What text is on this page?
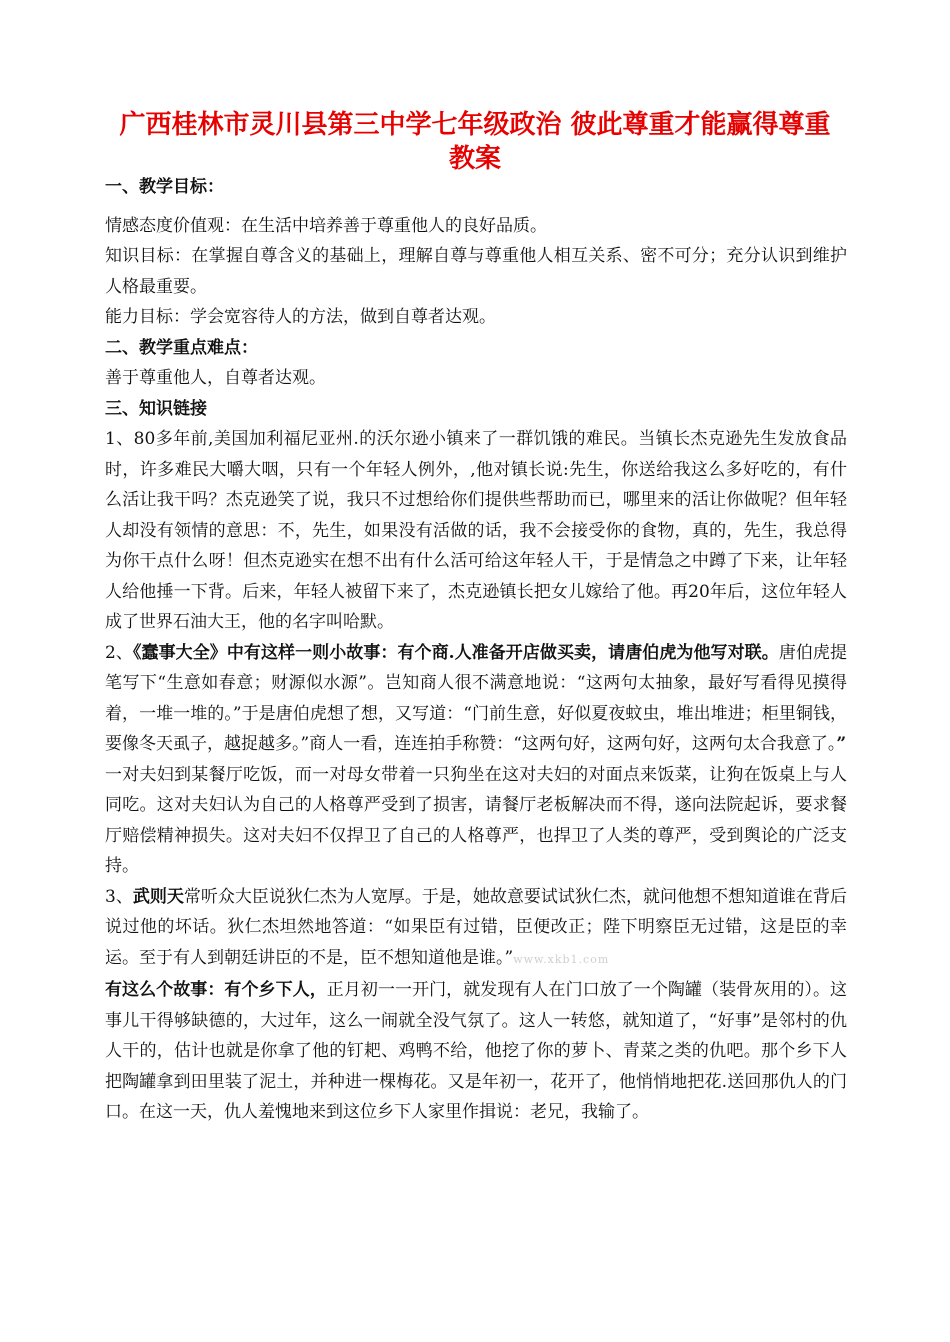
广西桂林市灵川县第三中学七年级政治 彼此尊重才能赢得尊重
教案

一、教学目标：

情感态度价值观：在生活中培养善于尊重他人的良好品质。

知识目标：在掌握自尊含义的基础上，理解自尊与尊重他人相互关系、密不可分；充分认识到维护人格最重要。

能力目标：学会宽容待人的方法，做到自尊者达观。

二、教学重点难点：

善于尊重他人，自尊者达观。

三、知识链接

1、80多年前,美国加利福尼亚州.的沃尔逊小镇来了一群饥饿的难民。当镇长杰克逊先生发放食品时，许多难民大嚼大咽，只有一个年轻人例外，,他对镇长说:先生，你送给我这么多好吃的，有什么活让我干吗？杰克逊笑了说，我只不过想给你们提供些帮助而已，哪里来的活让你做呢？但年轻人却没有领情的意思：不，先生，如果没有活做的话，我不会接受你的食物，真的，先生，我总得为你干点什么呀！但杰克逊实在想不出有什么活可给这年轻人干，于是情急之中蹲了下来，让年轻人给他捶一下背。后来，年轻人被留下来了，杰克逊镇长把女儿嫁给了他。再20年后，这位年轻人成了世界石油大王，他的名字叫哈默。

2、《蠢事大全》中有这样一则小故事：有个商.人准备开店做买卖，请唐伯虎为他写对联。唐伯虎提笔写下“生意如春意；财源似水源”。岂知商人很不满意地说：“这两句太抽象，最好写看得见摸得着，一堆一堆的。”于是唐伯虎想了想，又写道：“门前生意，好似夏夜蚊虫，堆出堆进；柜里铜钱，要像冬天虱子，越捉越多。”商人一看，连连拍手称赞：“这两句好，这两句好，这两句太合我意了。”

一对夫妇到某餐厅吃饭，而一对母女带着一只狗坐在这对夫妇的对面点来饭菜，让狗在饭桌上与人同吃。这对夫妇认为自己的人格尊严受到了损害，请餐厅老板解决而不得，遂向法院起诉，要求餐厅赔偿精神损失。这对夫妇不仅捍卫了自己的人格尊严，也捍卫了人类的尊严，受到舆论的广泛支持。

3、武则天常听众大臣说狄仁杰为人宽厚。于是，她故意要试试狄仁杰，就问他想不想知道谁在背后说过他的坏话。狄仁杰坦然地答道：“如果臣有过错，臣便改正；陛下明察臣无过错，这是臣的幸运。至于有人到朝廷讲臣的不是，臣不想知道他是谁。”www.xkb1.com

有这么个故事：有个乡下人，正月初一一开门，就发现有人在门口放了一个陶罐（装骨灰用的）。这事儿干得够缺德的，大过年，这么一闹就全没气氛了。这人一转悠，就知道了，“好事”是邻村的仇人干的，估计也就是你拿了他的钉耙、鸡鸭不给，他挖了你的萝卜、青菜之类的仇吧。那个乡下人把陶罐拿到田里装了泥土，并种进一棵梅花。又是年初一，花开了，他悄悄地把花.送回那仇人的门口。在这一天，仇人羞愧地来到这位乡下人家里作揖说：老兄，我输了。
